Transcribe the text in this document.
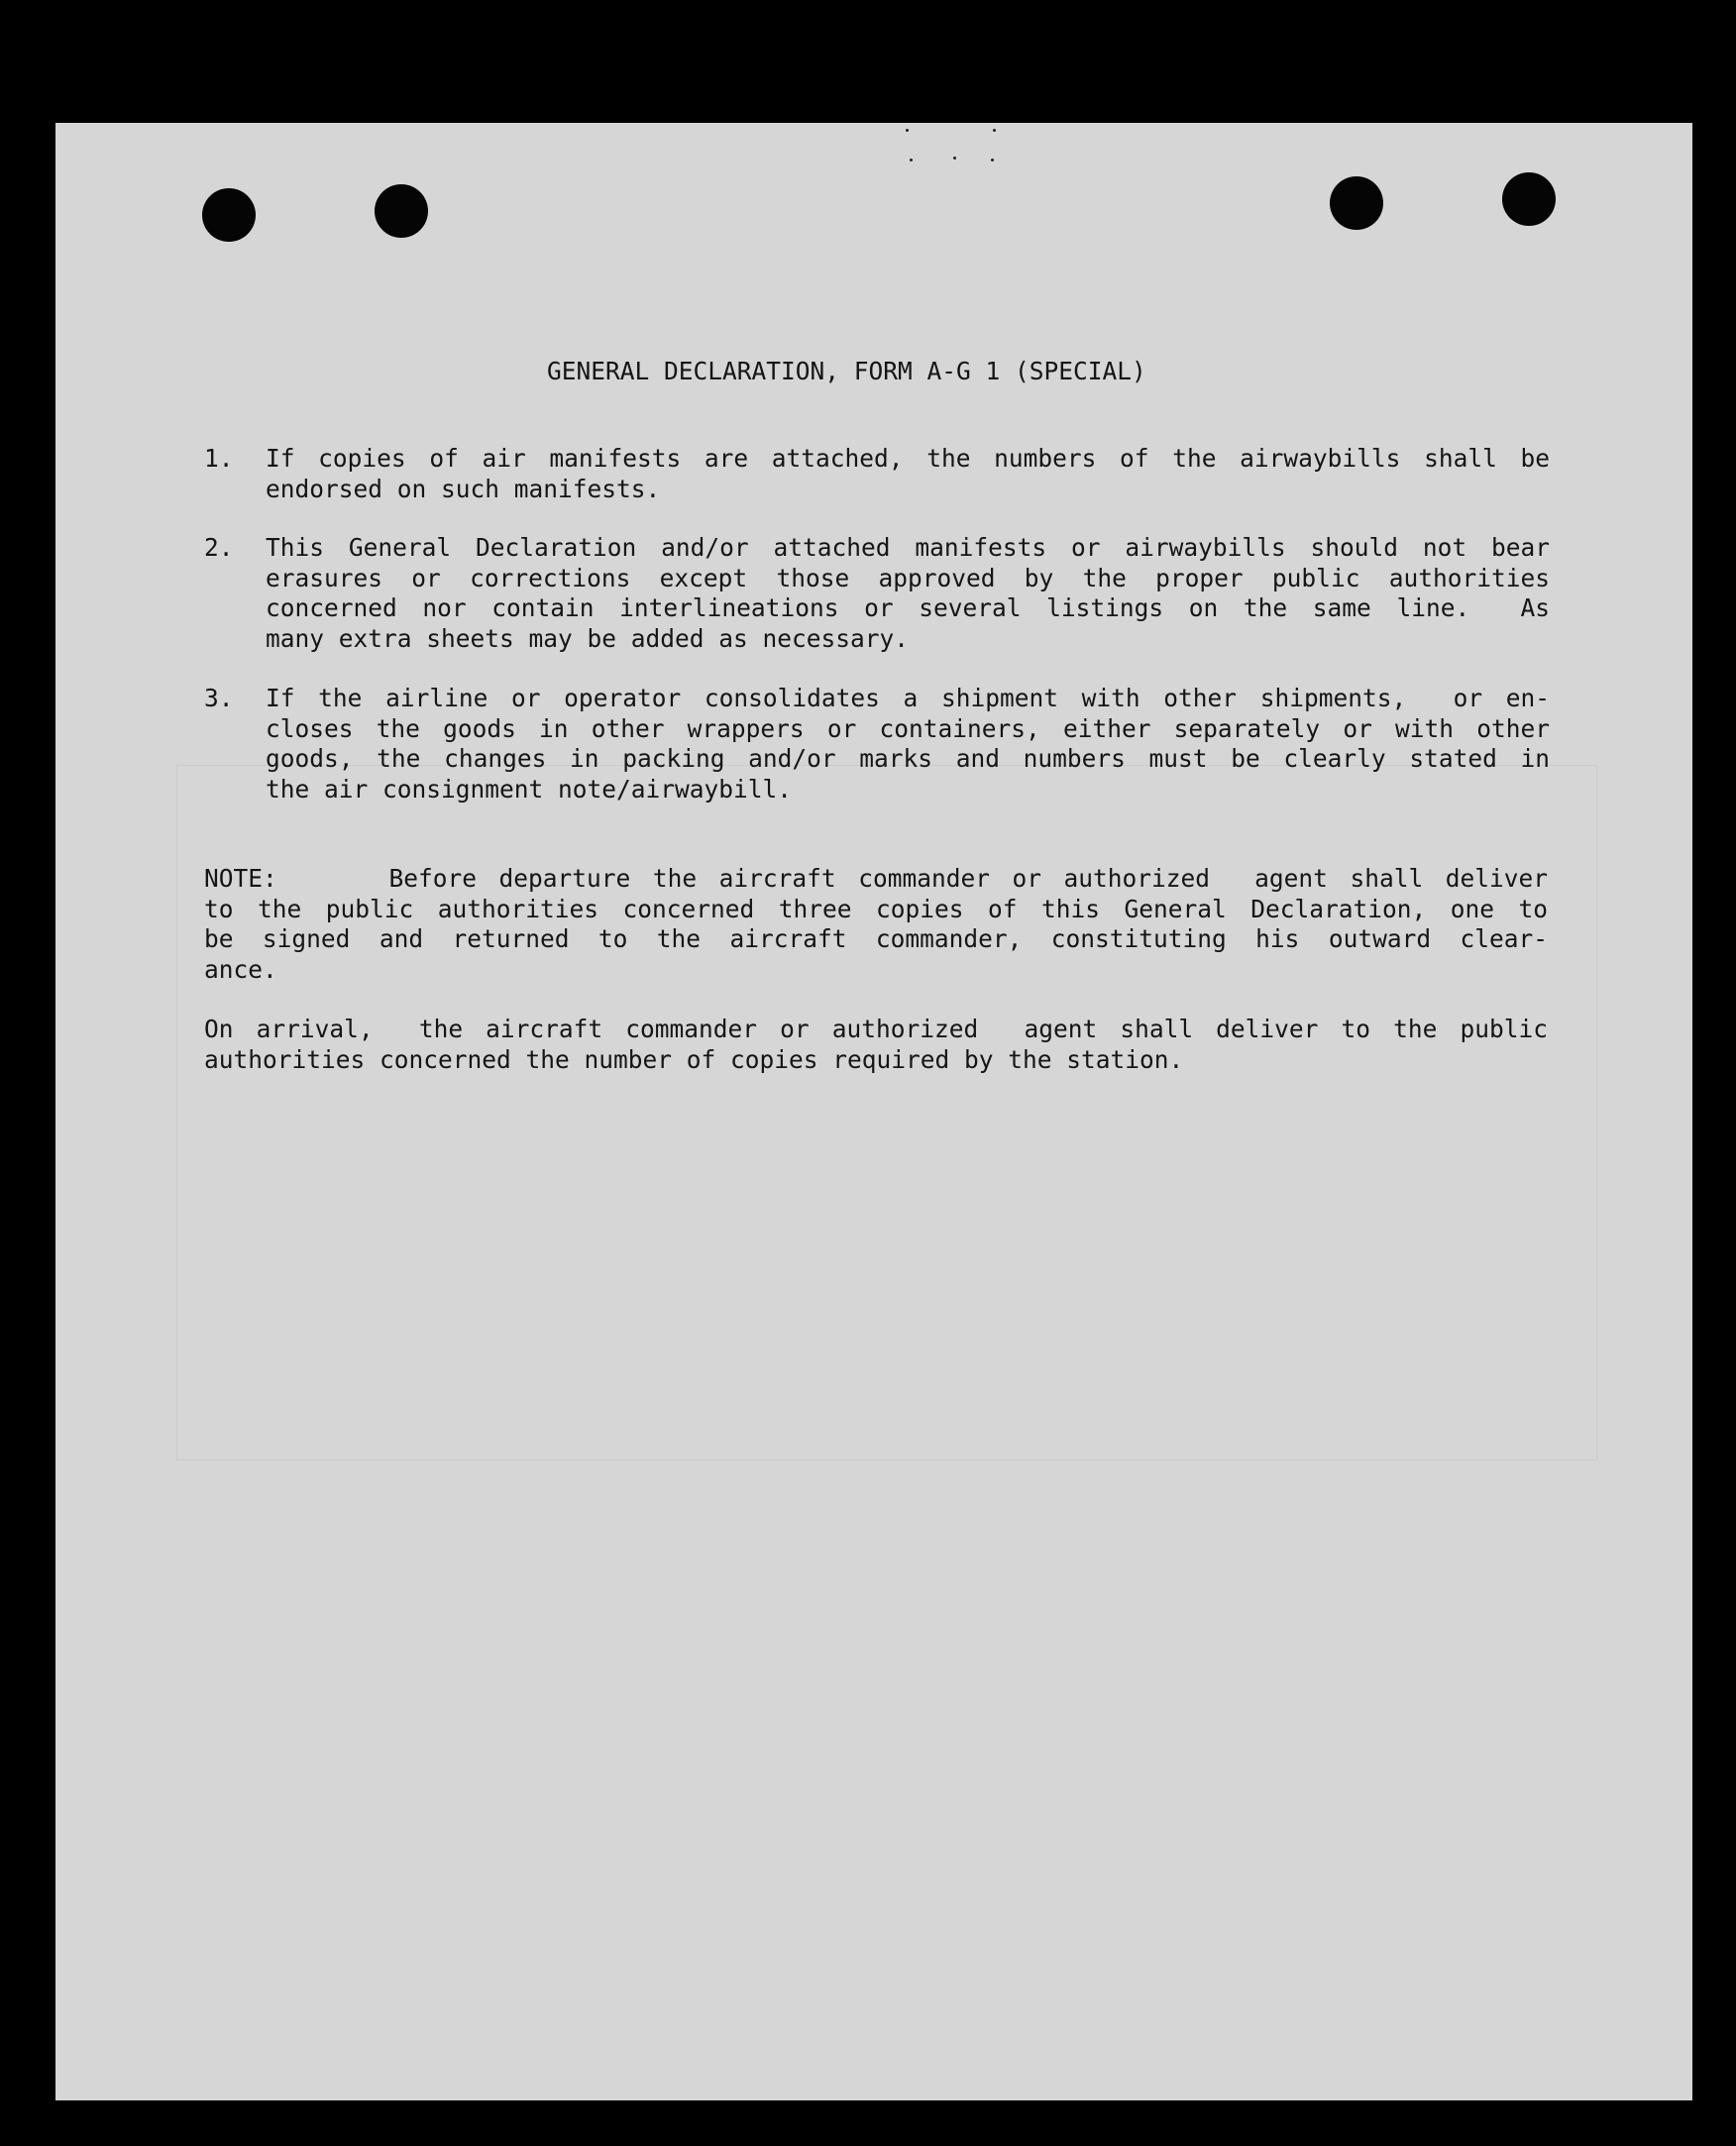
GENERAL DECLARATION, FORM A-G 1 (SPECIAL)
1. If copies of air manifests are attached, the numbers of the airwaybills shall be
endorsed on such manifests.
2. This General Declaration and/or attached manifests or airwaybills should not bear
erasures or corrections except those approved by the proper public authorities
concerned nor contain interlineations or several listings on the same line.  As
many extra sheets may be added as necessary.
3. If the airline or operator consolidates a shipment with other shipments,  or en-
closes the goods in other wrappers or containers, either separately or with other
goods, the changes in packing and/or marks and numbers must be clearly stated in
the air consignment note/airwaybill.
NOTE:     Before departure the aircraft commander or authorized  agent shall deliver
to the public authorities concerned three copies of this General Declaration, one to
be signed and returned to the aircraft commander, constituting his outward clear-
ance.
On arrival,  the aircraft commander or authorized  agent shall deliver to the public
authorities concerned the number of copies required by the station.
